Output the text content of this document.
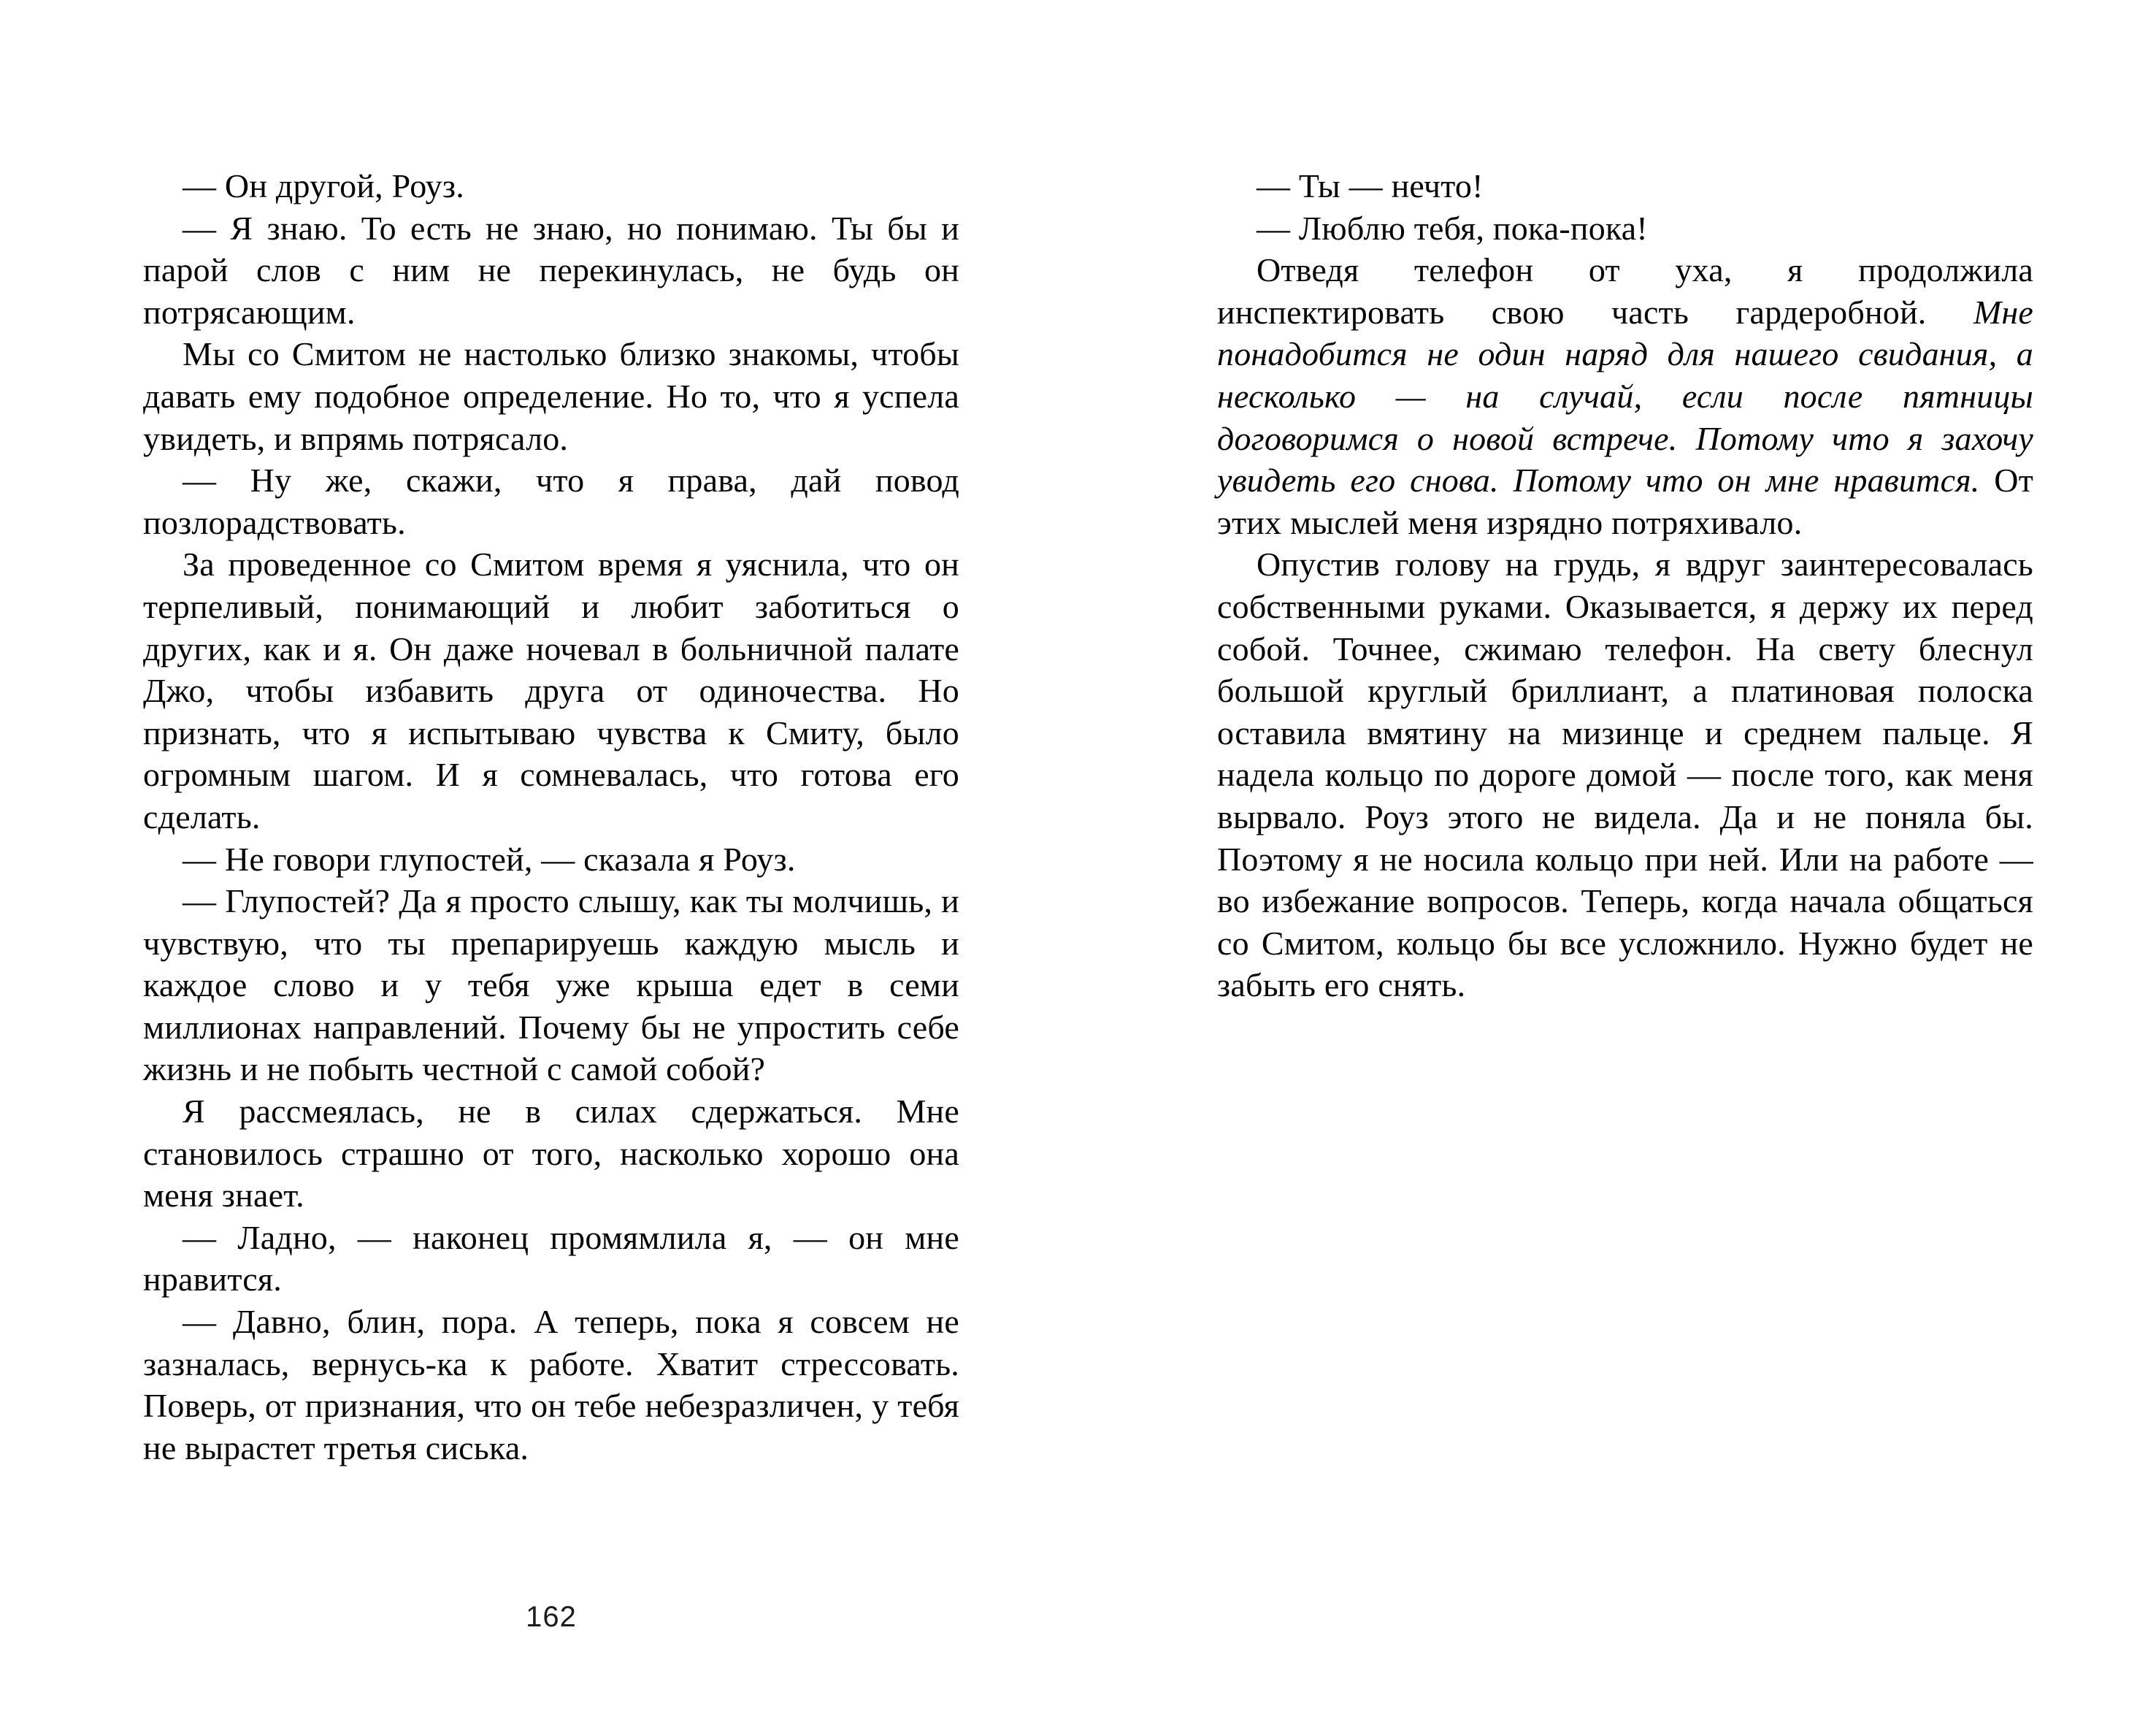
— Он другой, Роуз.

— Я знаю. То есть не знаю, но понимаю. Ты бы и парой слов с ним не перекинулась, не будь он потрясающим.

Мы со Смитом не настолько близко знакомы, чтобы давать ему подобное определение. Но то, что я успела увидеть, и впрямь потрясало.

— Ну же, скажи, что я права, дай повод позлорадствовать.

За проведенное со Смитом время я уяснила, что он терпеливый, понимающий и любит заботиться о других, как и я. Он даже ночевал в больничной палате Джо, чтобы избавить друга от одиночества. Но признать, что я испытываю чувства к Смиту, было огромным шагом. И я сомневалась, что готова его сделать.

— Не говори глупостей, — сказала я Роуз.

— Глупостей? Да я просто слышу, как ты молчишь, и чувствую, что ты препарируешь каждую мысль и каждое слово и у тебя уже крыша едет в семи миллионах направлений. Почему бы не упростить себе жизнь и не побыть честной с самой собой?

Я рассмеялась, не в силах сдержаться. Мне становилось страшно от того, насколько хорошо она меня знает.

— Ладно, — наконец промямлила я, — он мне нравится.

— Давно, блин, пора. А теперь, пока я совсем не зазналась, вернусь-ка к работе. Хватит стрессовать. Поверь, от признания, что он тебе небезразличен, у тебя не вырастет третья сиська.

— Ты — нечто!

— Люблю тебя, пока-пока!

Отведя телефон от уха, я продолжила инспектировать свою часть гардеробной. Мне понадобится не один наряд для нашего свидания, а несколько — на случай, если после пятницы договоримся о новой встрече. Потому что я захочу увидеть его снова. Потому что он мне нравится. От этих мыслей меня изрядно потряхивало.

Опустив голову на грудь, я вдруг заинтересовалась собственными руками. Оказывается, я держу их перед собой. Точнее, сжимаю телефон. На свету блеснул большой круглый бриллиант, а платиновая полоска оставила вмятину на мизинце и среднем пальце. Я надела кольцо по дороге домой — после того, как меня вырвало. Роуз этого не видела. Да и не поняла бы. Поэтому я не носила кольцо при ней. Или на работе — во избежание вопросов. Теперь, когда начала общаться со Смитом, кольцо бы все усложнило. Нужно будет не забыть его снять.

162
